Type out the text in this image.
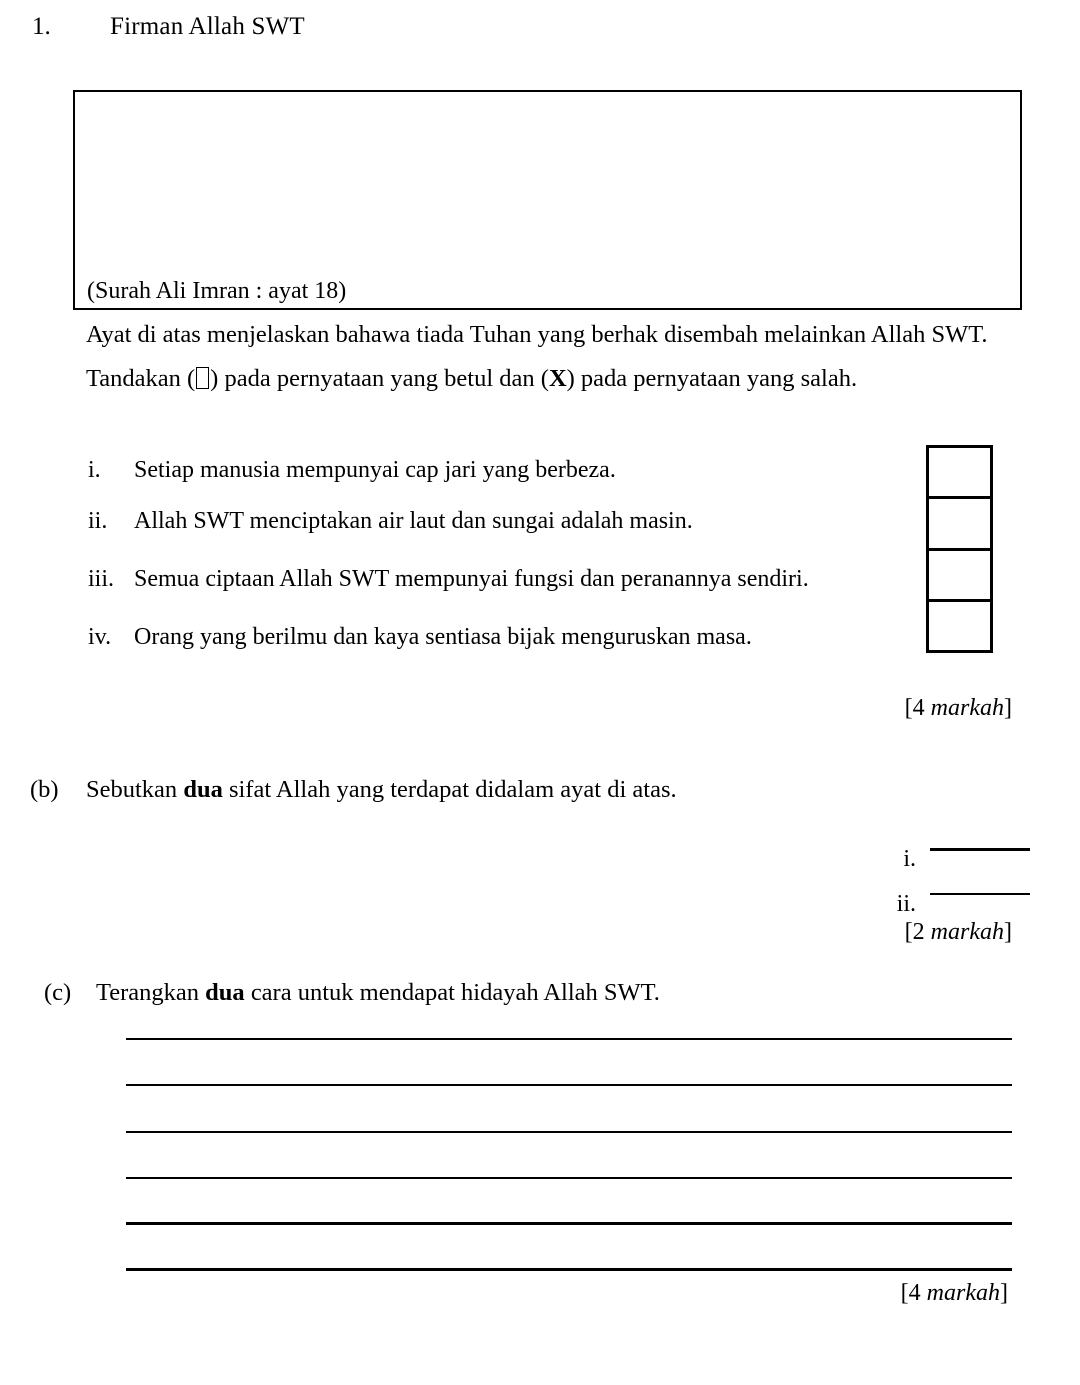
1. Firman Allah SWT
(Surah Ali Imran : ayat 18)
Ayat di atas menjelaskan bahawa tiada Tuhan yang berhak disembah melainkan Allah SWT. Tandakan ( ) pada pernyataan yang betul dan (X) pada pernyataan yang salah.
i. Setiap manusia mempunyai cap jari yang berbeza.
ii. Allah SWT menciptakan air laut dan sungai adalah masin.
iii. Semua ciptaan Allah SWT mempunyai fungsi dan peranannya sendiri.
iv. Orang yang berilmu dan kaya sentiasa bijak menguruskan masa.
[4 markah]
(b) Sebutkan dua sifat Allah yang terdapat didalam ayat di atas.
i.
ii.
[2 markah]
(c) Terangkan dua cara untuk mendapat hidayah Allah SWT.
[4 markah]
